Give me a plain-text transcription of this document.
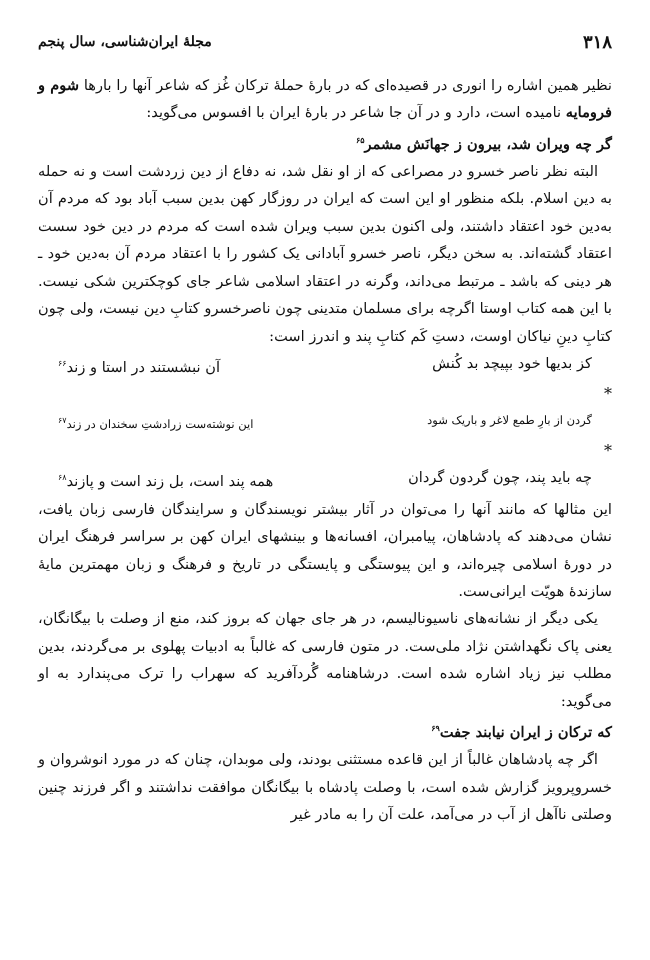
۳۱۸
مجلهٔ ایران‌شناسی، سال پنجم

نظیر همین اشاره را انوری در قصیده‌ای که در بارهٔ حملهٔ ترکان غُز که شاعر آنها را بارها شوم و فرومایه نامیده است، دارد و در آن جا شاعر در بارهٔ ایران با افسوس می‌گوید:

گر چه ویران شد، بیرون ز جهانَش مشمر$^{۶۵}$

البته نظر ناصر خسرو در مصراعی که از او نقل شد، نه دفاع از دین زردشت است و نه حمله به دین اسلام. بلکه منظور او این است که ایران در روزگار کهن بدین سبب آباد بود که مردم آن به‌دین خود اعتقاد داشتند، ولی اکنون بدین سبب ویران شده است که مردم در دین خود سست اعتقاد گشته‌اند. به سخن دیگر، ناصر خسرو آبادانی یک کشور را با اعتقاد مردم آن به‌دین خود ـ هر دینی که باشد ـ مرتبط می‌داند، وگرنه در اعتقاد اسلامی شاعر جای کوچکترین شکی نیست. با این همه کتاب اوستا اگرچه برای مسلمان متدینی چون ناصرخسرو کتابِ دین نیست، ولی چون کتابِ دینِ نیاکان اوست، دستِ کَم کتابِ پند و اندرز است:

کز بدیها خود بپیچد بد کُنش
آن نبشستند در استا و زند$^{۶۶}$

*

گردن از بارِ طمع لاغر و باریک شود
این نوشته‌ست زرادشتِ سخندان در زند$^{۶۷}$

*

چه باید پند، چون گردون گردان
همه پند است، بل زند است و پازند$^{۶۸}$

این مثالها که مانند آنها را می‌توان در آثار بیشتر نویسندگان و سرایندگان فارسی زبان یافت، نشان می‌دهند که پادشاهان، پیامبران، افسانه‌ها و بینشهای ایران کهن بر سراسر فرهنگ ایران در دورهٔ اسلامی چیره‌اند، و این پیوستگی و پایستگی در تاریخ و فرهنگ و زبان مهمترین مایهٔ سازندهٔ هویّت ایرانی‌ست.

یکی دیگر از نشانه‌های ناسیونالیسم، در هر جای جهان که بروز کند، منع از وصلت با بیگانگان، یعنی پاک نگهداشتن نژاد ملی‌ست. در متون فارسی که غالباً به ادبیات پهلوی بر می‌گردند، بدین مطلب نیز زیاد اشاره شده است. درشاهنامه گُردآفرید که سهراب را ترک می‌پندارد به او می‌گوید:

که ترکان ز ایران نیابند جفت$^{۶۹}$

اگر چه پادشاهان غالباً از این قاعده مستثنی بودند، ولی موبدان، چنان که در مورد انوشروان و خسروپرویز گزارش شده است، با وصلت پادشاه با بیگانگان موافقت نداشتند و اگر فرزند چنین وصلتی ناآهل از آب در می‌آمد، علت آن را به مادر غیر
